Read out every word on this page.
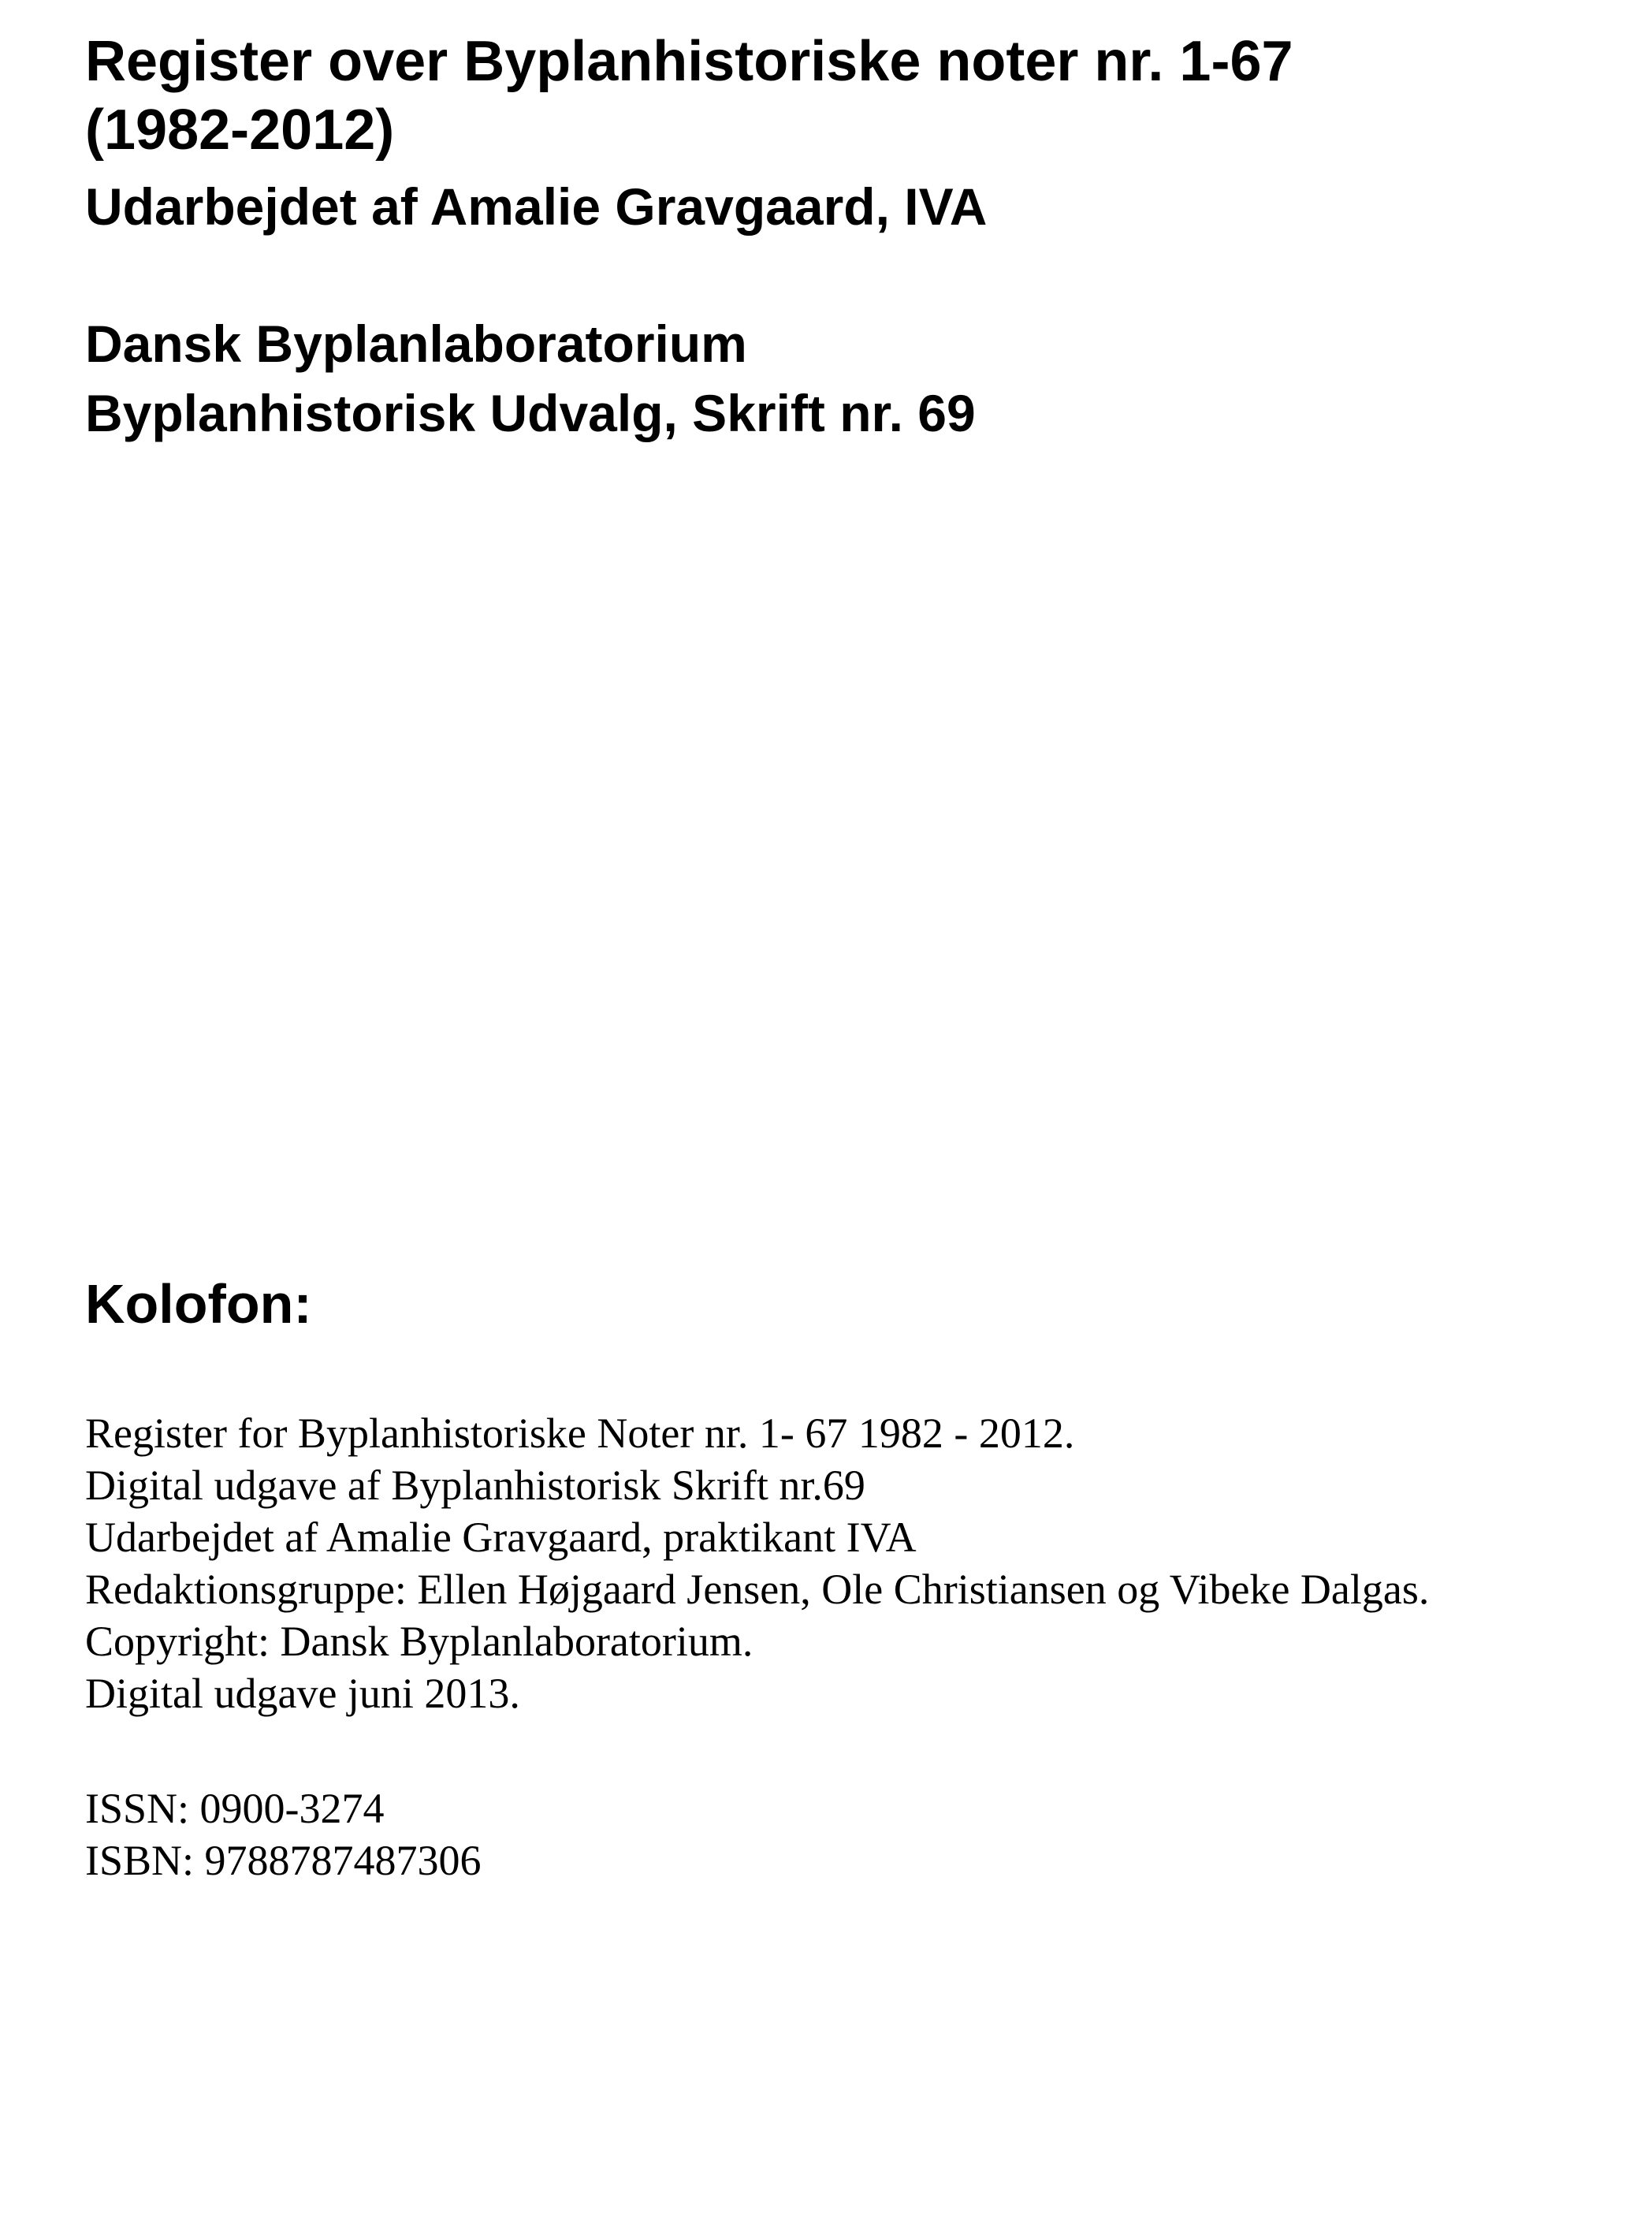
Register over Byplanhistoriske noter nr. 1-67
(1982-2012)
Udarbejdet af Amalie Gravgaard, IVA
Dansk Byplanlaboratorium
Byplanhistorisk Udvalg, Skrift nr. 69
Kolofon:

Register for Byplanhistoriske Noter nr. 1- 67 1982 - 2012.

Digital udgave af Byplanhistorisk Skrift nr.69

Udarbejdet af Amalie Gravgaard, praktikant IVA

Redaktionsgruppe: Ellen Højgaard Jensen, Ole Christiansen og Vibeke Dalgas.

Copyright: Dansk Byplanlaboratorium.

Digital udgave juni 2013.

ISSN: 0900-3274

ISBN: 9788787487306
